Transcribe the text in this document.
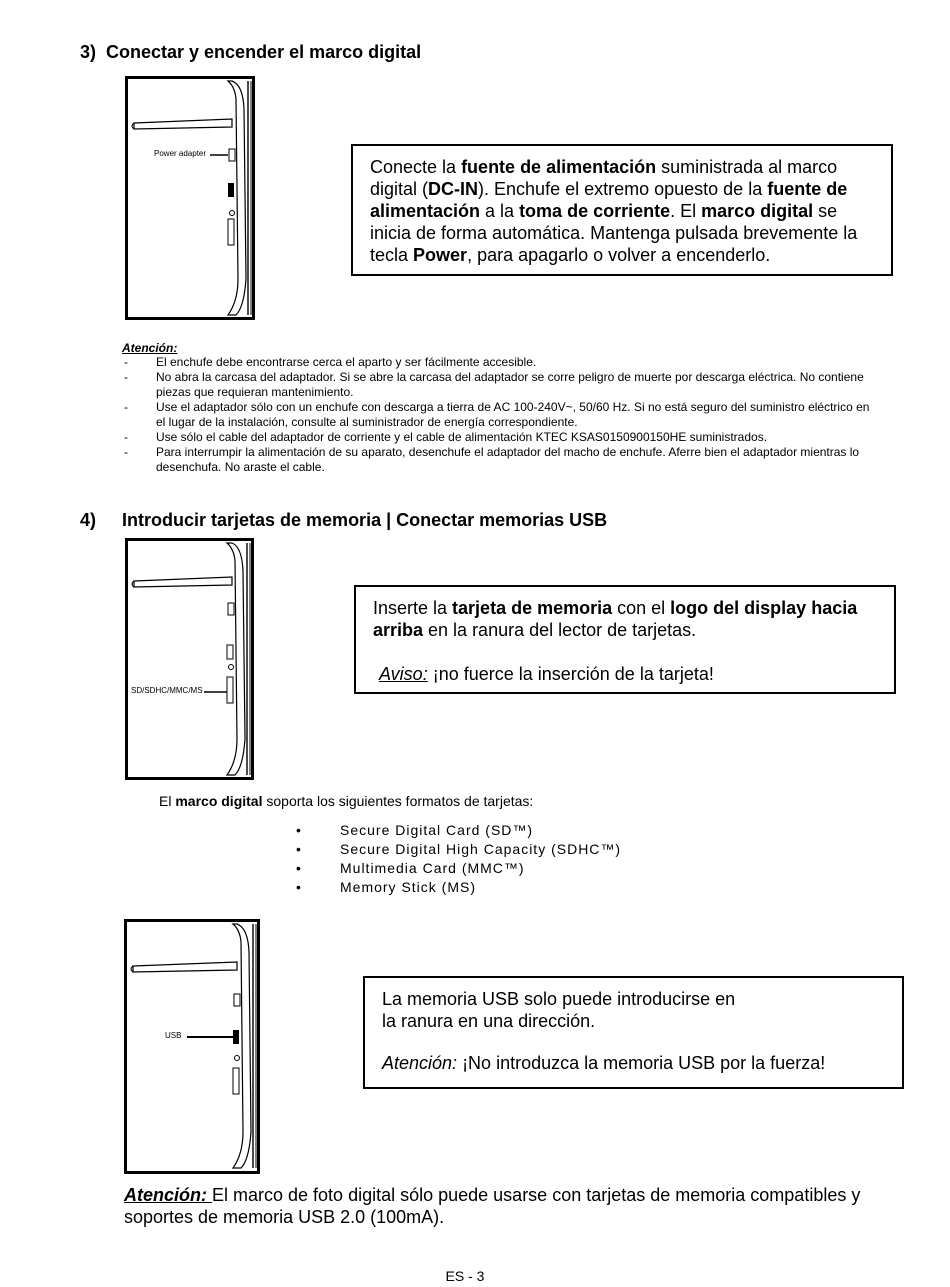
3)  Conectar y encender el marco digital
Power adapter
Conecte la fuente de alimentación suministrada al marco digital (DC-IN). Enchufe el extremo opuesto de la fuente de alimentación a la toma de corriente. El marco digital se inicia de forma automática. Mantenga pulsada brevemente la tecla Power, para apagarlo o volver a encenderlo.
Atención:
- El enchufe debe encontrarse cerca el aparto y ser fácilmente accesible.
- No abra la carcasa del adaptador. Si se abre la carcasa del adaptador se corre peligro de muerte por descarga eléctrica. No contiene piezas que requieran mantenimiento.
- Use el adaptador sólo con un enchufe con descarga a tierra de AC 100-240V~, 50/60 Hz. Si no está seguro del suministro eléctrico en el lugar de la instalación, consulte al suministrador de energía correspondiente.
- Use sólo el cable del adaptador de corriente y el cable de alimentación KTEC KSAS0150900150HE suministrados.
- Para interrumpir la alimentación de su aparato, desenchufe el adaptador del macho de enchufe. Aferre bien el adaptador mientras lo desenchufa. No araste el cable.
4) Introducir tarjetas de memoria | Conectar memorias USB
SD/SDHC/MMC/MS
Inserte la tarjeta de memoria con el logo del display hacia arriba en la ranura del lector de tarjetas.
Aviso: ¡no fuerce la inserción de la tarjeta!
El marco digital soporta los siguientes formatos de tarjetas:
•	Secure Digital Card (SD™)
•	Secure Digital High Capacity (SDHC™)
•	Multimedia Card (MMC™)
•	Memory Stick (MS)
USB
La memoria USB solo puede introducirse en
la ranura en una dirección.
Atención: ¡No introduzca la memoria USB por la fuerza!
Atención: El marco de foto digital sólo puede usarse con tarjetas de memoria compatibles y soportes de memoria USB 2.0 (100mA).
ES - 3
